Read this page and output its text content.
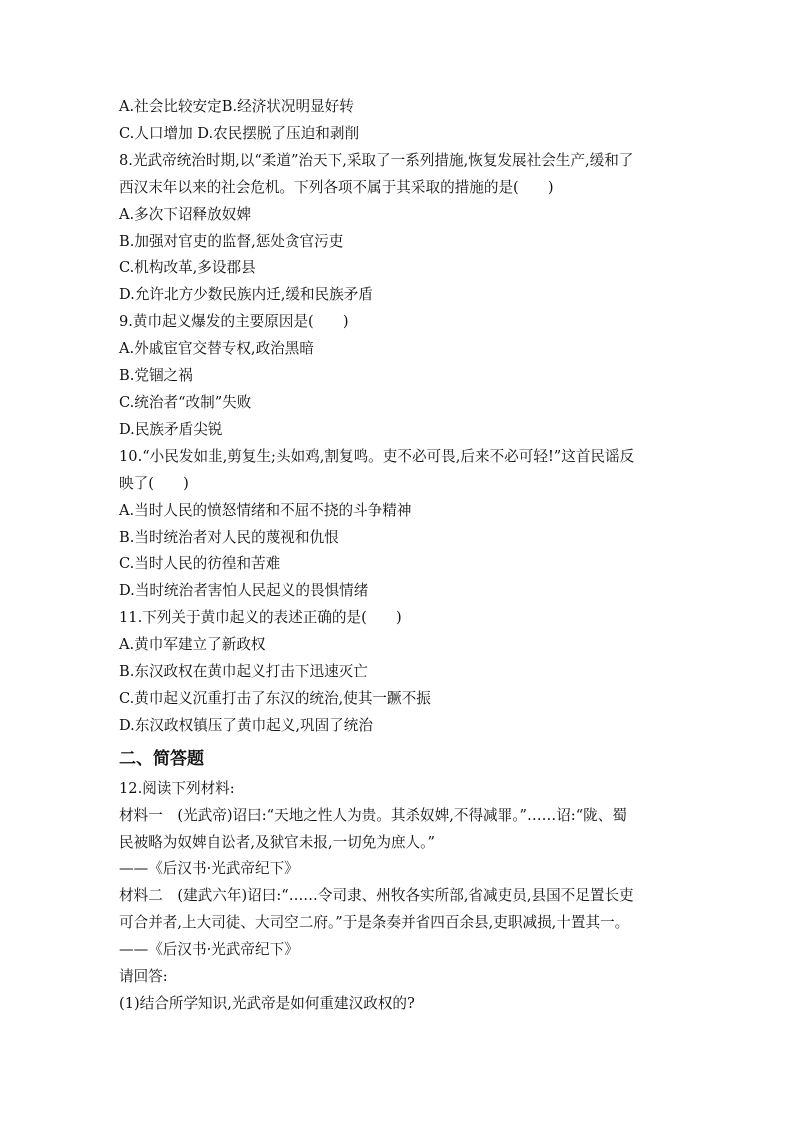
A.社会比较安定B.经济状况明显好转
C.人口增加 D.农民摆脱了压迫和剥削
8.光武帝统治时期,以“柔道”治天下,采取了一系列措施,恢复发展社会生产,缓和了
西汉末年以来的社会危机。下列各项不属于其采取的措施的是(　　)
A.多次下诏释放奴婢
B.加强对官吏的监督,惩处贪官污吏
C.机构改革,多设郡县
D.允许北方少数民族内迁,缓和民族矛盾
9.黄巾起义爆发的主要原因是(　　)
A.外戚宦官交替专权,政治黑暗
B.党锢之祸
C.统治者“改制”失败
D.民族矛盾尖锐
10.“小民发如韭,剪复生;头如鸡,割复鸣。吏不必可畏,后来不必可轻!”这首民谣反
映了(　　)
A.当时人民的愤怒情绪和不屈不挠的斗争精神
B.当时统治者对人民的蔑视和仇恨
C.当时人民的彷徨和苦难
D.当时统治者害怕人民起义的畏惧情绪
11.下列关于黄巾起义的表述正确的是(　　)
A.黄巾军建立了新政权
B.东汉政权在黄巾起义打击下迅速灭亡
C.黄巾起义沉重打击了东汉的统治,使其一蹶不振
D.东汉政权镇压了黄巾起义,巩固了统治
二、简答题
12.阅读下列材料:
材料一　(光武帝)诏曰:“天地之性人为贵。其杀奴婢,不得减罪。”……诏:“陇、蜀
民被略为奴婢自讼者,及狱官未报,一切免为庶人。”
——《后汉书·光武帝纪下》
材料二　(建武六年)诏曰:“……令司隶、州牧各实所部,省减吏员,县国不足置长吏
可合并者,上大司徒、大司空二府。”于是条奏并省四百余县,吏职减损,十置其一。
——《后汉书·光武帝纪下》
请回答:
(1)结合所学知识,光武帝是如何重建汉政权的?
